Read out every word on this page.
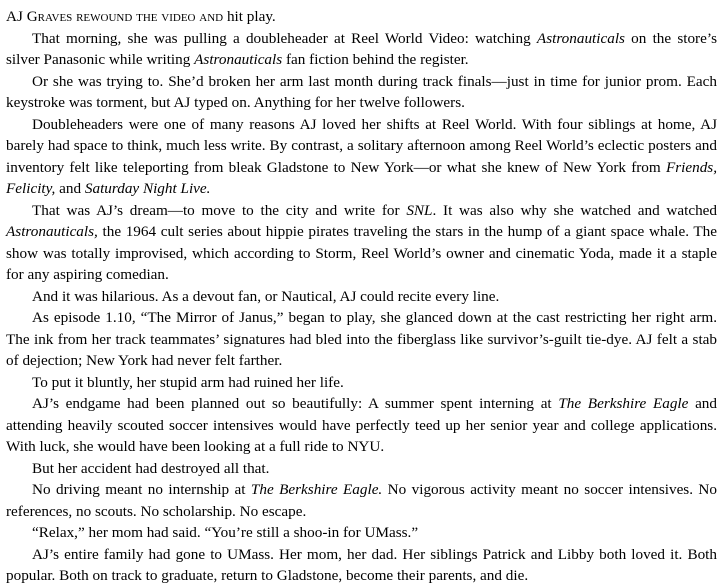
AJ Graves rewound the video and hit play.

That morning, she was pulling a doubleheader at Reel World Video: watching Astronauticals on the store’s silver Panasonic while writing Astronauticals fan fiction behind the register.

Or she was trying to. She’d broken her arm last month during track finals—just in time for junior prom. Each keystroke was torment, but AJ typed on. Anything for her twelve followers.

Doubleheaders were one of many reasons AJ loved her shifts at Reel World. With four siblings at home, AJ barely had space to think, much less write. By contrast, a solitary afternoon among Reel World’s eclectic posters and inventory felt like teleporting from bleak Gladstone to New York—or what she knew of New York from Friends, Felicity, and Saturday Night Live.

That was AJ’s dream—to move to the city and write for SNL. It was also why she watched and watched Astronauticals, the 1964 cult series about hippie pirates traveling the stars in the hump of a giant space whale. The show was totally improvised, which according to Storm, Reel World’s owner and cinematic Yoda, made it a staple for any aspiring comedian.

And it was hilarious. As a devout fan, or Nautical, AJ could recite every line.

As episode 1.10, “The Mirror of Janus,” began to play, she glanced down at the cast restricting her right arm. The ink from her track teammates’ signatures had bled into the fiberglass like survivor’s-guilt tie-dye. AJ felt a stab of dejection; New York had never felt farther.

To put it bluntly, her stupid arm had ruined her life.

AJ’s endgame had been planned out so beautifully: A summer spent interning at The Berkshire Eagle and attending heavily scouted soccer intensives would have perfectly teed up her senior year and college applications. With luck, she would have been looking at a full ride to NYU.

But her accident had destroyed all that.

No driving meant no internship at The Berkshire Eagle. No vigorous activity meant no soccer intensives. No references, no scouts. No scholarship. No escape.

“Relax,” her mom had said. “You’re still a shoo-in for UMass.”

AJ’s entire family had gone to UMass. Her mom, her dad. Her siblings Patrick and Libby both loved it. Both popular. Both on track to graduate, return to Gladstone, become their parents, and die.
